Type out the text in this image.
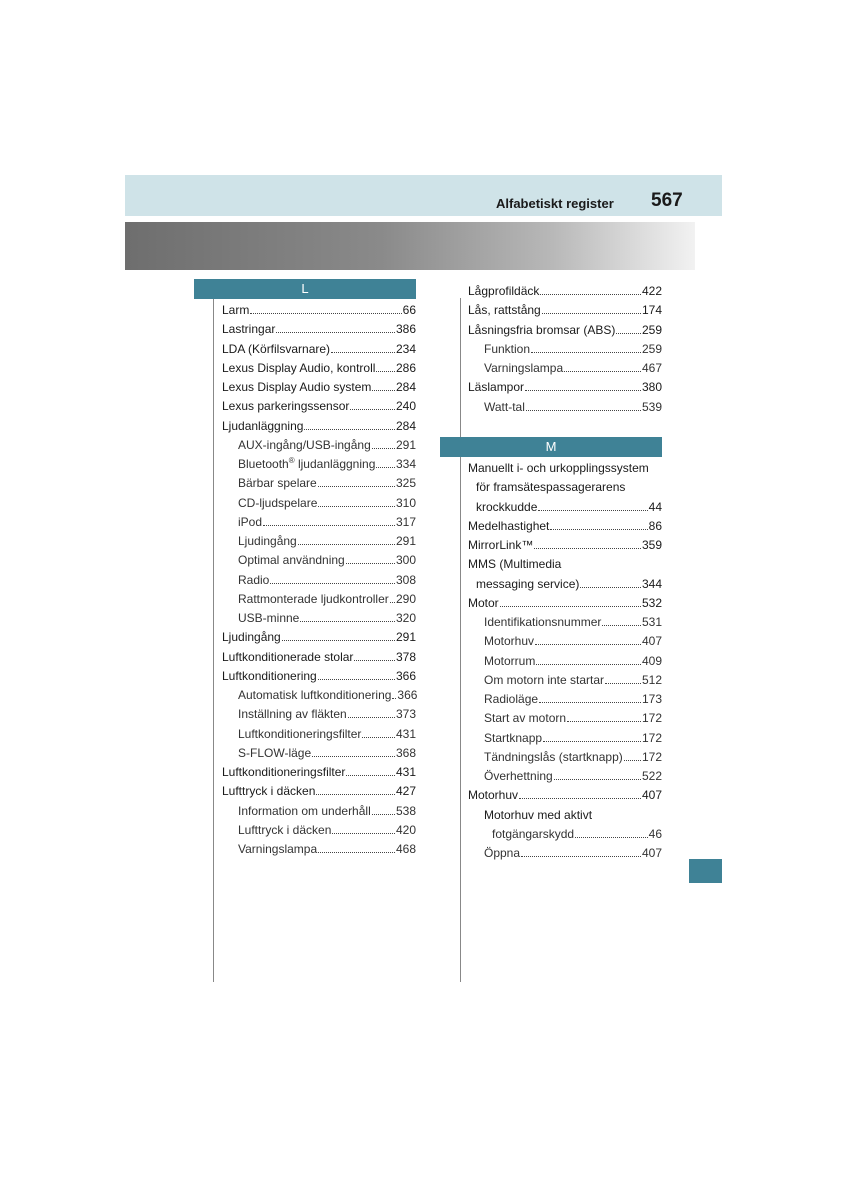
Alfabetiskt register 567
L
M
Larm	66
Lastringar	386
LDA (Körfilsvarnare)	234
Lexus Display Audio, kontroll 286
Lexus Display Audio system 284
Lexus parkeringssensor	240
Ljudanläggning	284
AUX-ingång/USB-ingång 291
Bluetooth® ljudanläggning 334
Bärbar spelare	325
CD-ljudspelare	310
iPod	317
Ljudingång	291
Optimal användning	300
Radio	308
Rattmonterade ljudkontroller 290
USB-minne	320
Ljudingång	291
Luftkonditionerade stolar	378
Luftkonditionering	366
Automatisk luftkonditionering 366
Inställning av fläkten	373
Luftkonditioneringsfilter	431
S-FLOW-läge	368
Luftkonditioneringsfilter	431
Lufttryck i däcken	427
Information om underhåll 538
Lufttryck i däcken	420
Varningslampa	468
Lågprofildäck	422
Lås, rattstång	174
Låsningsfria bromsar (ABS) 259
Funktion	259
Varningslampa	467
Läslampor	380
Watt-tal	539
Manuellt i- och urkopplingssystem
för framsätespassagerarens
krockkudde	44
Medelhastighet	86
MirrorLink™	359
MMS (Multimedia
messaging service)	344
Motor	532
Identifikationsnummer	531
Motorhuv	407
Motorrum	409
Om motorn inte startar	512
Radioläge	173
Start av motorn	172
Startknapp	172
Tändningslås (startknapp) 172
Överhettning	522
Motorhuv	407
Motorhuv med aktivt
fotgängarskydd	46
Öppna	407
